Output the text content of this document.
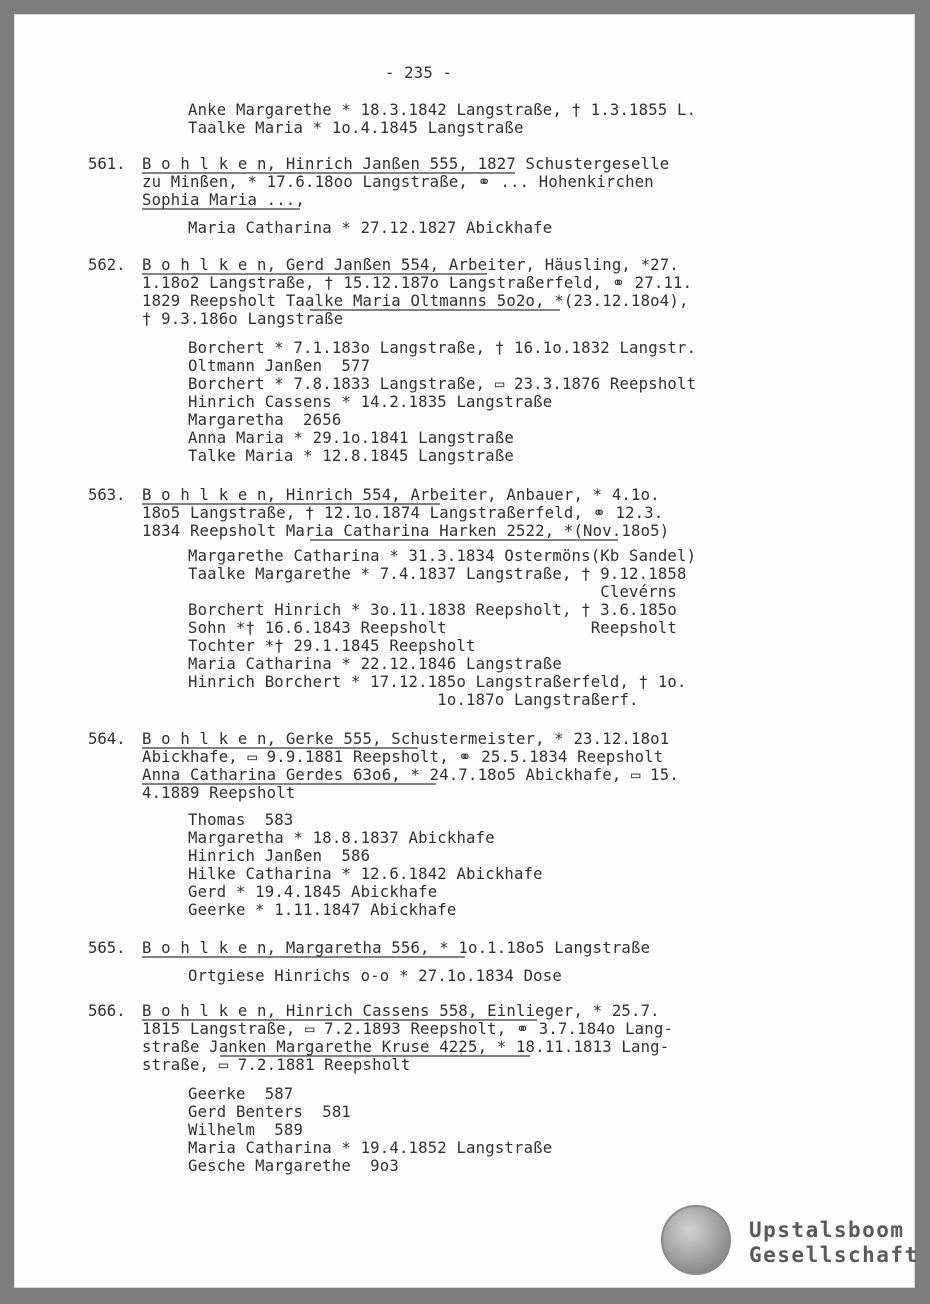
- 235 -
Anke Margarethe * 18.3.1842 Langstraße, † 1.3.1855 L.
Taalke Maria * 1o.4.1845 Langstraße
561. B o h l k e n, Hinrich Janßen 555, 1827 Schustergeselle
zu Minßen, * 17.6.18oo Langstraße, ⚭ ... Hohenkirchen
Sophia Maria ...,
Maria Catharina * 27.12.1827 Abickhafe
562. B o h l k e n, Gerd Janßen 554, Arbeiter, Häusling, *27.
1.18o2 Langstraße, † 15.12.187o Langstraßerfeld, ⚭ 27.11.
1829 Reepsholt Taalke Maria Oltmanns 5o2o, *(23.12.18o4),
† 9.3.186o Langstraße
Borchert * 7.1.183o Langstraße, † 16.1o.1832 Langstr.
Oltmann Janßen  577
Borchert * 7.8.1833 Langstraße, ▭ 23.3.1876 Reepsholt
Hinrich Cassens * 14.2.1835 Langstraße
Margaretha  2656
Anna Maria * 29.1o.1841 Langstraße
Talke Maria * 12.8.1845 Langstraße
563. B o h l k e n, Hinrich 554, Arbeiter, Anbauer, * 4.1o.
18o5 Langstraße, † 12.1o.1874 Langstraßerfeld, ⚭ 12.3.
1834 Reepsholt Maria Catharina Harken 2522, *(Nov.18o5)
Margarethe Catharina * 31.3.1834 Ostermöns(Kb Sandel)
Taalke Margarethe * 7.4.1837 Langstraße, † 9.12.1858
Clevérns
Borchert Hinrich * 3o.11.1838 Reepsholt, † 3.6.185o
Sohn *† 16.6.1843 Reepsholt               Reepsholt
Tochter *† 29.1.1845 Reepsholt
Maria Catharina * 22.12.1846 Langstraße
Hinrich Borchert * 17.12.185o Langstraßerfeld, † 1o.
1o.187o Langstraßerf.
564. B o h l k e n, Gerke 555, Schustermeister, * 23.12.18o1
Abickhafe, ▭ 9.9.1881 Reepsholt, ⚭ 25.5.1834 Reepsholt
Anna Catharina Gerdes 63o6, * 24.7.18o5 Abickhafe, ▭ 15.
4.1889 Reepsholt
Thomas  583
Margaretha * 18.8.1837 Abickhafe
Hinrich Janßen  586
Hilke Catharina * 12.6.1842 Abickhafe
Gerd * 19.4.1845 Abickhafe
Geerke * 1.11.1847 Abickhafe
565. B o h l k e n, Margaretha 556, * 1o.1.18o5 Langstraße
Ortgiese Hinrichs o-o * 27.1o.1834 Dose
566. B o h l k e n, Hinrich Cassens 558, Einlieger, * 25.7.
1815 Langstraße, ▭ 7.2.1893 Reepsholt, ⚭ 3.7.184o Lang-
straße Janken Margarethe Kruse 4225, * 18.11.1813 Lang-
straße, ▭ 7.2.1881 Reepsholt
Geerke  587
Gerd Benters  581
Wilhelm  589
Maria Catharina * 19.4.1852 Langstraße
Gesche Margarethe  9o3
Upstalsboom
Gesellschaft
